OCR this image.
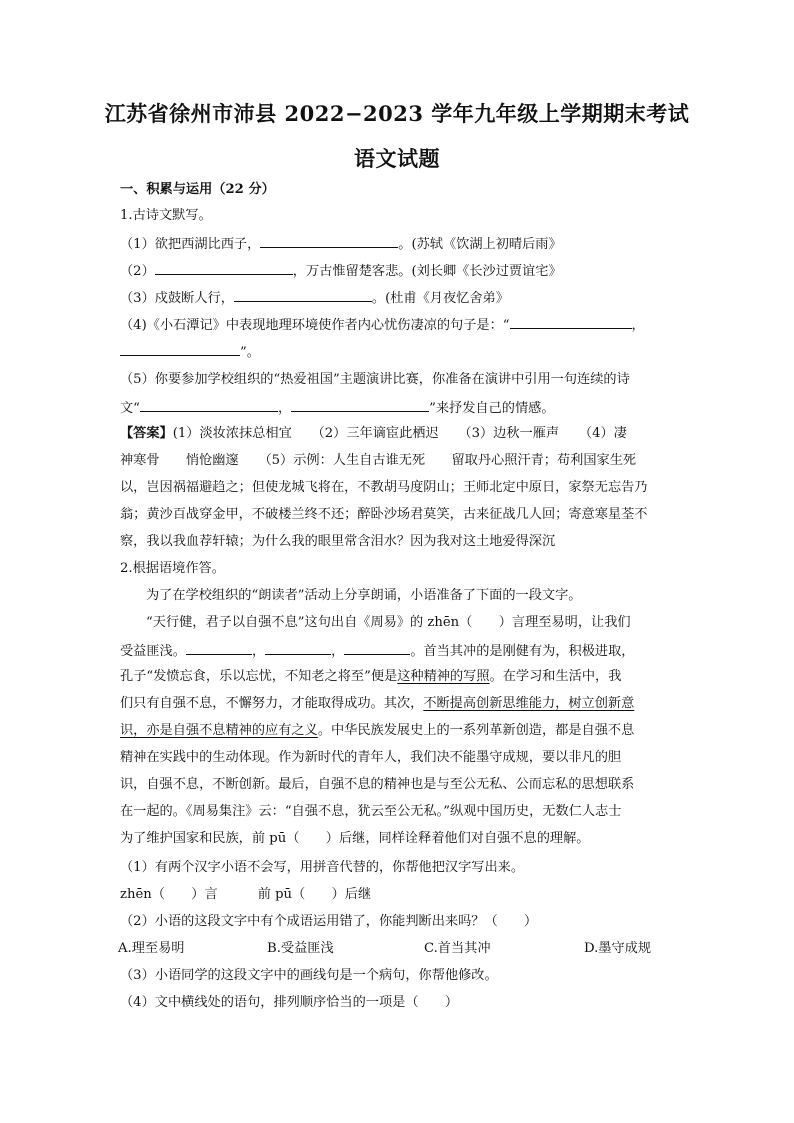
江苏省徐州市沛县 2022−2023 学年九年级上学期期末考试
语文试题
一、积累与运用（22 分）
1.古诗文默写。
（1）欲把西湖比西子，	。(苏轼《饮湖上初晴后雨》
（2）	，万古惟留楚客悲。(刘长卿《长沙过贾谊宅》
（3）戍鼓断人行，	。(杜甫《月夜忆舍弟》
（4)《小石潭记》中表现地理环境使作者内心忧伤凄凉的句子是：“	，
”。
（5）你要参加学校组织的“热爱祖国”主题演讲比赛，你准备在演讲中引用一句连续的诗
文“	，	”来抒发自己的情感。
【答案】(1）淡妆浓抹总相宜　　（2）三年谪宦此栖迟　　（3）边秋一雁声　　（4）凄
神寒骨　　悄怆幽邃　　（5）示例：人生自古谁无死　　留取丹心照汗青；苟利国家生死
以，岂因祸福避趋之；但使龙城飞将在，不教胡马度阴山；王师北定中原日，家祭无忘告乃
翁；黄沙百战穿金甲，不破楼兰终不还；醉卧沙场君莫笑，古来征战几人回；寄意寒星荃不
察，我以我血荐轩辕；为什么我的眼里常含泪水？因为我对这土地爱得深沉
2.根据语境作答。
为了在学校组织的“朗读者”活动上分享朗诵，小语准备了下面的一段文字。
“天行健，君子以自强不息”这句出自《周易》的 zhēn（　　）言理至易明，让我们
受益匪浅。	，	，	。首当其冲的是刚健有为，积极进取，
孔子“发愤忘食，乐以忘忧，不知老之将至”便是这种精神的写照。在学习和生活中，我
们只有自强不息，不懈努力，才能取得成功。其次，不断提高创新思维能力，树立创新意
识，亦是自强不息精神的应有之义。中华民族发展史上的一系列革新创造，都是自强不息
精神在实践中的生动体现。作为新时代的青年人，我们决不能墨守成规，要以非凡的胆
识，自强不息，不断创新。最后，自强不息的精神也是与至公无私、公而忘私的思想联系
在一起的。《周易集注》云：“自强不息，犹云至公无私。”纵观中国历史，无数仁人志士
为了维护国家和民族，前 pū（　　）后继，同样诠释着他们对自强不息的理解。
（1）有两个汉字小语不会写，用拼音代替的，你帮他把汉字写出来。
zhēn（　　）言	前 pū（　　）后继
（2）小语的这段文字中有个成语运用错了，你能判断出来吗？（　　）
A.理至易明	B.受益匪浅	C.首当其冲	D.墨守成规
（3）小语同学的这段文字中的画线句是一个病句，你帮他修改。
（4）文中横线处的语句，排列顺序恰当的一项是（　　）
